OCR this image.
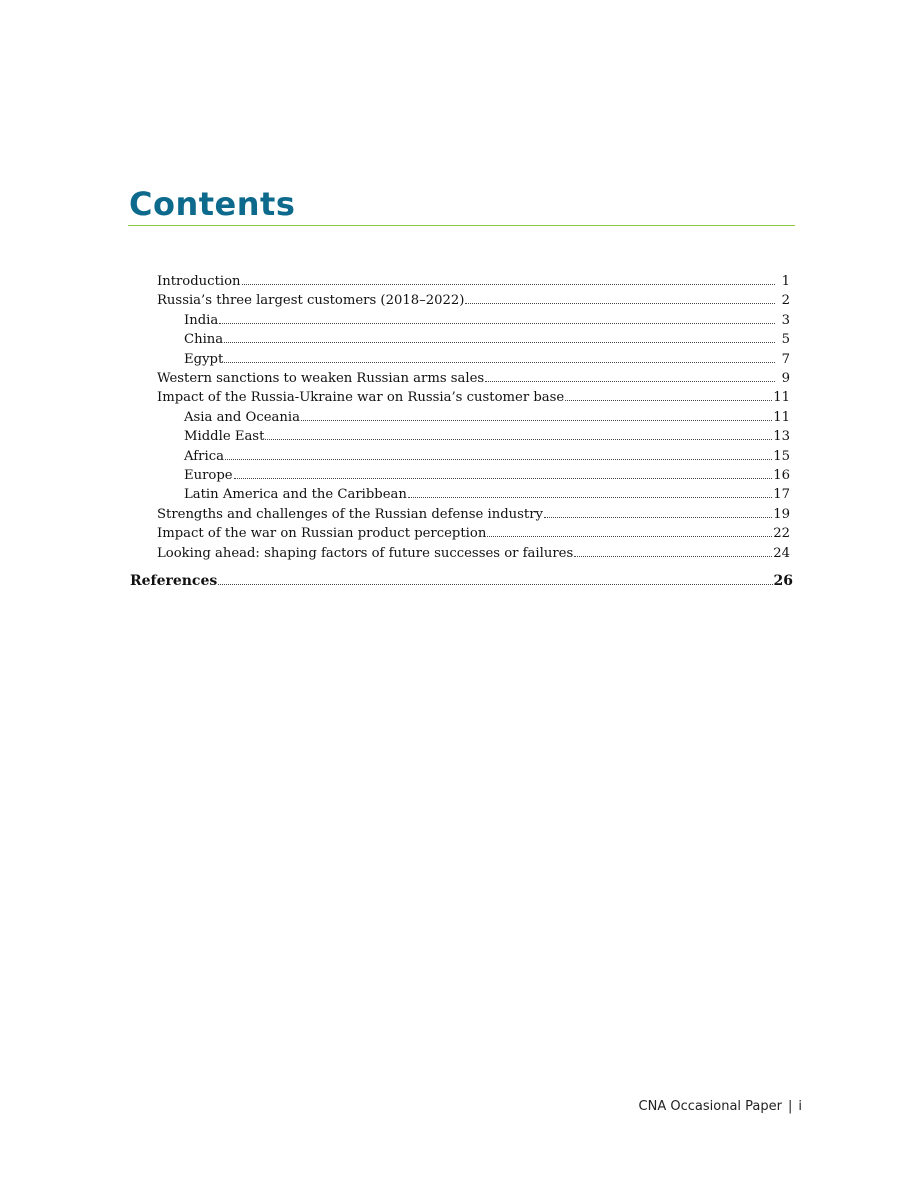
Contents
Introduction	1
Russia’s three largest customers (2018–2022)	2
India	3
China	5
Egypt	7
Western sanctions to weaken Russian arms sales	9
Impact of the Russia-Ukraine war on Russia’s customer base	11
Asia and Oceania	11
Middle East	13
Africa	15
Europe	16
Latin America and the Caribbean	17
Strengths and challenges of the Russian defense industry	19
Impact of the war on Russian product perception	22
Looking ahead: shaping factors of future successes or failures	24
References	26
CNA Occasional Paper | i
